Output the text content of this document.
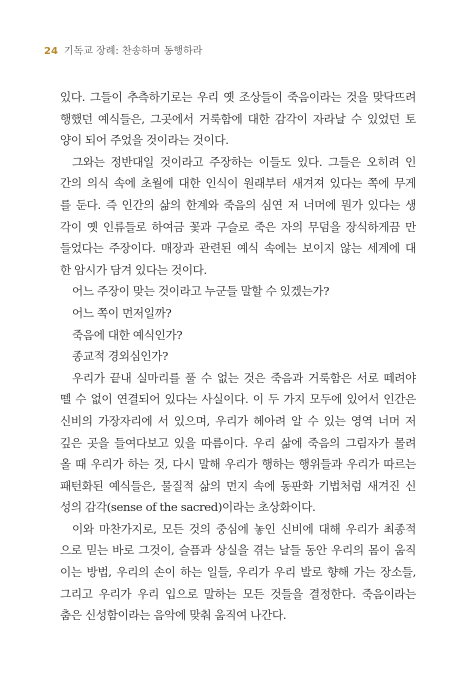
24 기독교 장례: 찬송하며 동행하라
있다. 그들이 추측하기로는 우리 옛 조상들이 죽음이라는 것을 맞닥뜨려
행했던 예식들은, 그곳에서 거룩함에 대한 감각이 자라날 수 있었던 토
양이 되어 주었을 것이라는 것이다.
그와는 정반대일 것이라고 주장하는 이들도 있다. 그들은 오히려 인
간의 의식 속에 초월에 대한 인식이 원래부터 새겨져 있다는 쪽에 무게
를 둔다. 즉 인간의 삶의 한계와 죽음의 심연 저 너머에 뭔가 있다는 생
각이 옛 인류들로 하여금 꽃과 구슬로 죽은 자의 무덤을 장식하게끔 만
들었다는 주장이다. 매장과 관련된 예식 속에는 보이지 않는 세계에 대
한 암시가 담겨 있다는 것이다.
어느 주장이 맞는 것이라고 누군들 말할 수 있겠는가?
어느 쪽이 먼저일까?
죽음에 대한 예식인가?
종교적 경외심인가?
우리가 끝내 실마리를 풀 수 없는 것은 죽음과 거룩함은 서로 떼려야
뗄 수 없이 연결되어 있다는 사실이다. 이 두 가지 모두에 있어서 인간은
신비의 가장자리에 서 있으며, 우리가 헤아려 알 수 있는 영역 너머 저
깊은 곳을 들여다보고 있을 따름이다. 우리 삶에 죽음의 그림자가 몰려
올 때 우리가 하는 것, 다시 말해 우리가 행하는 행위들과 우리가 따르는
패턴화된 예식들은, 물질적 삶의 먼지 속에 동판화 기법처럼 새겨진 신
성의 감각(sense of the sacred)이라는 초상화이다.
이와 마찬가지로, 모든 것의 중심에 놓인 신비에 대해 우리가 최종적
으로 믿는 바로 그것이, 슬픔과 상실을 겪는 날들 동안 우리의 몸이 움직
이는 방법, 우리의 손이 하는 일들, 우리가 우리 발로 향해 가는 장소들,
그리고 우리가 우리 입으로 말하는 모든 것들을 결정한다. 죽음이라는
춤은 신성함이라는 음악에 맞춰 움직여 나간다.
